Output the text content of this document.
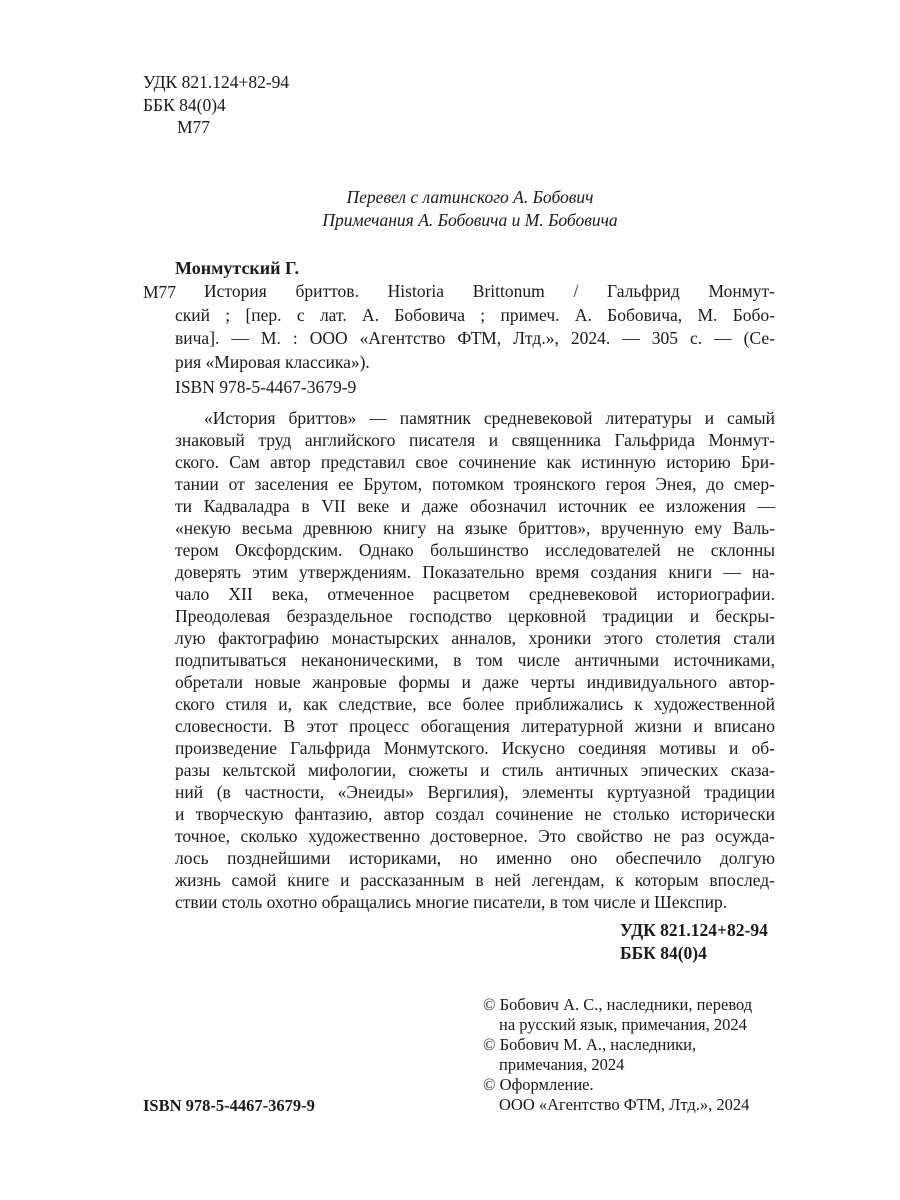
УДК 821.124+82-94
ББК 84(0)4
М77
Перевел с латинского А. Бобович
Примечания А. Бобовича и М. Бобовича
Монмутский Г.
М77	История бриттов. Historia Brittonum / Гальфрид Монмут-
ский ; [пер. с лат. А. Бобовича ; примеч. А. Бобовича, М. Бобо-
вича]. — М. : ООО «Агентство ФТМ, Лтд.», 2024. — 305 с. — (Се-
рия «Мировая классика»).
ISBN 978-5-4467-3679-9
«История бриттов» — памятник средневековой литературы и самый
знаковый труд английского писателя и священника Гальфрида Монмут-
ского. Сам автор представил свое сочинение как истинную историю Бри-
тании от заселения ее Брутом, потомком троянского героя Энея, до смер-
ти Кадваладра в VII веке и даже обозначил источник ее изложения —
«некую весьма древнюю книгу на языке бриттов», врученную ему Валь-
тером Оксфордским. Однако большинство исследователей не склонны
доверять этим утверждениям. Показательно время создания книги — на-
чало XII века, отмеченное расцветом средневековой историографии.
Преодолевая безраздельное господство церковной традиции и бескры-
лую фактографию монастырских анналов, хроники этого столетия стали
подпитываться неканоническими, в том числе античными источниками,
обретали новые жанровые формы и даже черты индивидуального автор-
ского стиля и, как следствие, все более приближались к художественной
словесности. В этот процесс обогащения литературной жизни и вписано
произведение Гальфрида Монмутского. Искусно соединяя мотивы и об-
разы кельтской мифологии, сюжеты и стиль античных эпических сказа-
ний (в частности, «Энеиды» Вергилия), элементы куртуазной традиции
и творческую фантазию, автор создал сочинение не столько исторически
точное, сколько художественно достоверное. Это свойство не раз осужда-
лось позднейшими историками, но именно оно обеспечило долгую
жизнь самой книге и рассказанным в ней легендам, к которым впослед-
ствии столь охотно обращались многие писатели, в том числе и Шекспир.
УДК 821.124+82-94
ББК 84(0)4
© Бобович А. С., наследники, перевод
на русский язык, примечания, 2024
© Бобович М. А., наследники,
примечания, 2024
© Оформление.
ООО «Агентство ФТМ, Лтд.», 2024
ISBN 978-5-4467-3679-9
